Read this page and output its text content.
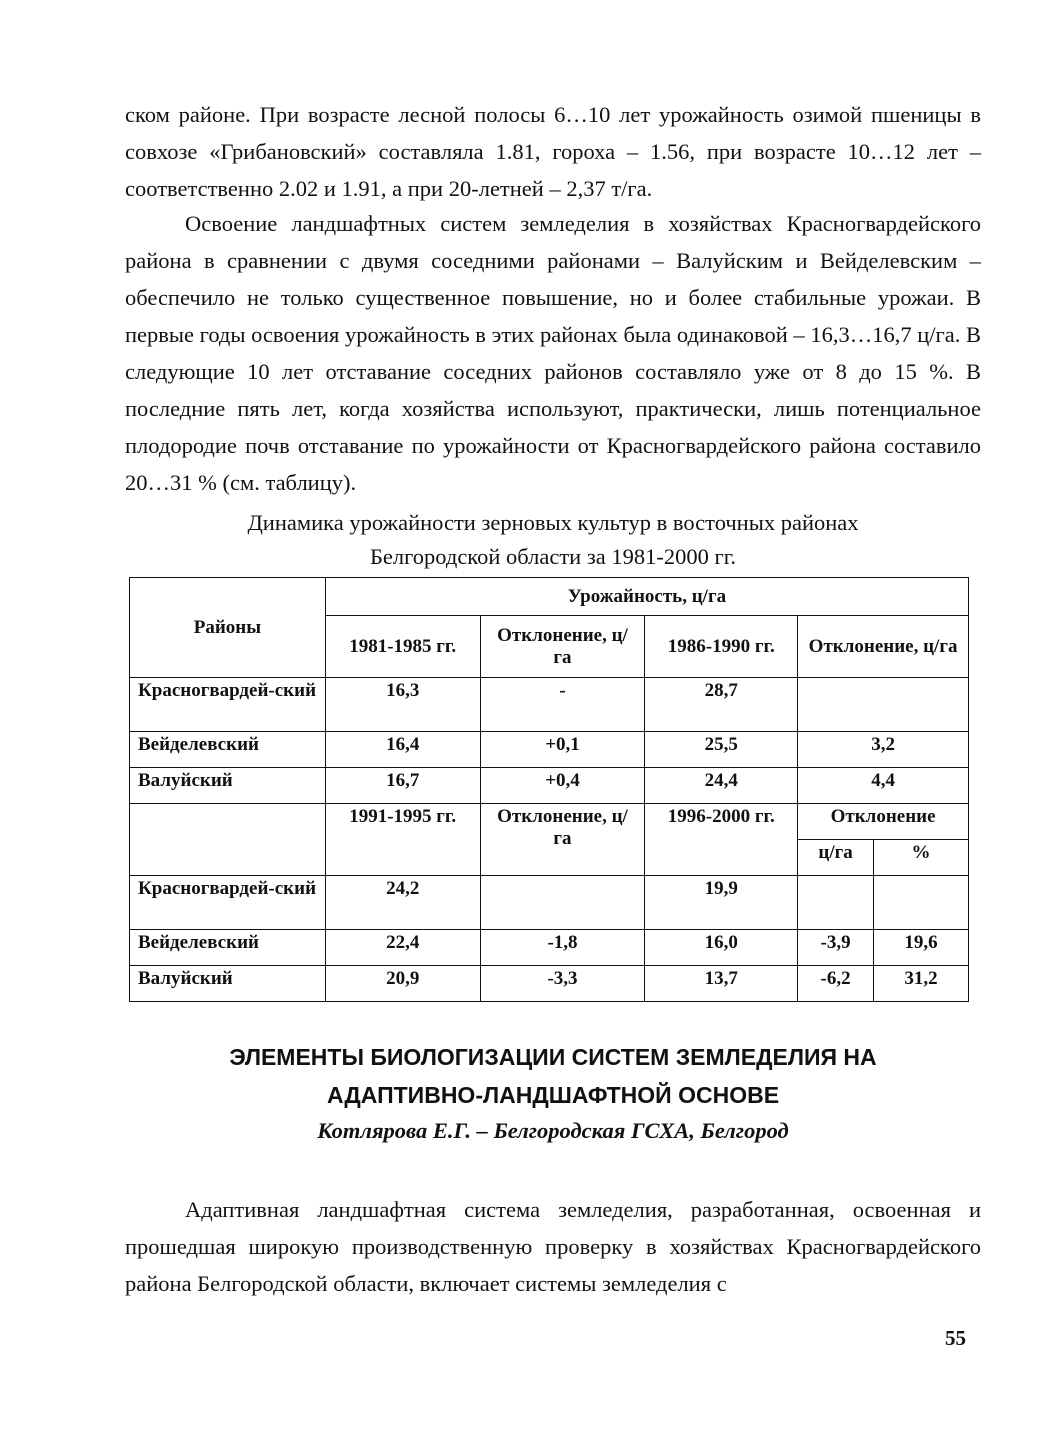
ском районе. При возрасте лесной полосы 6…10 лет урожайность озимой пшеницы в совхозе «Грибановский» составляла 1.81, гороха – 1.56, при возрасте 10…12 лет – соответственно 2.02 и 1.91, а при 20-летней – 2,37 т/га.

Освоение ландшафтных систем земледелия в хозяйствах Красногвардейского района в сравнении с двумя соседними районами – Валуйским и Вейделевским – обеспечило не только существенное повышение, но и более стабильные урожаи. В первые годы освоения урожайность в этих районах была одинаковой – 16,3…16,7 ц/га. В следующие 10 лет отставание соседних районов составляло уже от 8 до 15 %. В последние пять лет, когда хозяйства используют, практически, лишь потенциальное плодородие почв отставание по урожайности от Красногвардейского района составило 20…31 % (см. таблицу).

Динамика урожайности зерновых культур в восточных районах
Белгородской области за 1981-2000 гг.
Районы	Урожайность, ц/га				
	1981-1985 гг.	Отклонение, ц/га	1986-1990 гг.	Отклонение, ц/га	
Красногвардей-ский	16,3	-	28,7		
Вейделевский	16,4	+0,1	25,5	3,2	
Валуйский	16,7	+0,4	24,4	4,4	
	1991-1995 гг.	Отклонение, ц/га	1996-2000 гг.	Отклонение	
				ц/га	%
Красногвардей-ский	24,2		19,9		
Вейделевский	22,4	-1,8	16,0	-3,9	19,6
Валуйский	20,9	-3,3	13,7	-6,2	31,2
ЭЛЕМЕНТЫ БИОЛОГИЗАЦИИ СИСТЕМ ЗЕМЛЕДЕЛИЯ НА
АДАПТИВНО-ЛАНДШАФТНОЙ ОСНОВЕ
Котлярова Е.Г. – Белгородская ГСХА, Белгород

Адаптивная ландшафтная система земледелия, разработанная, освоенная и прошедшая широкую производственную проверку в хозяйствах Красногвардейского района Белгородской области, включает системы земледелия с

55
